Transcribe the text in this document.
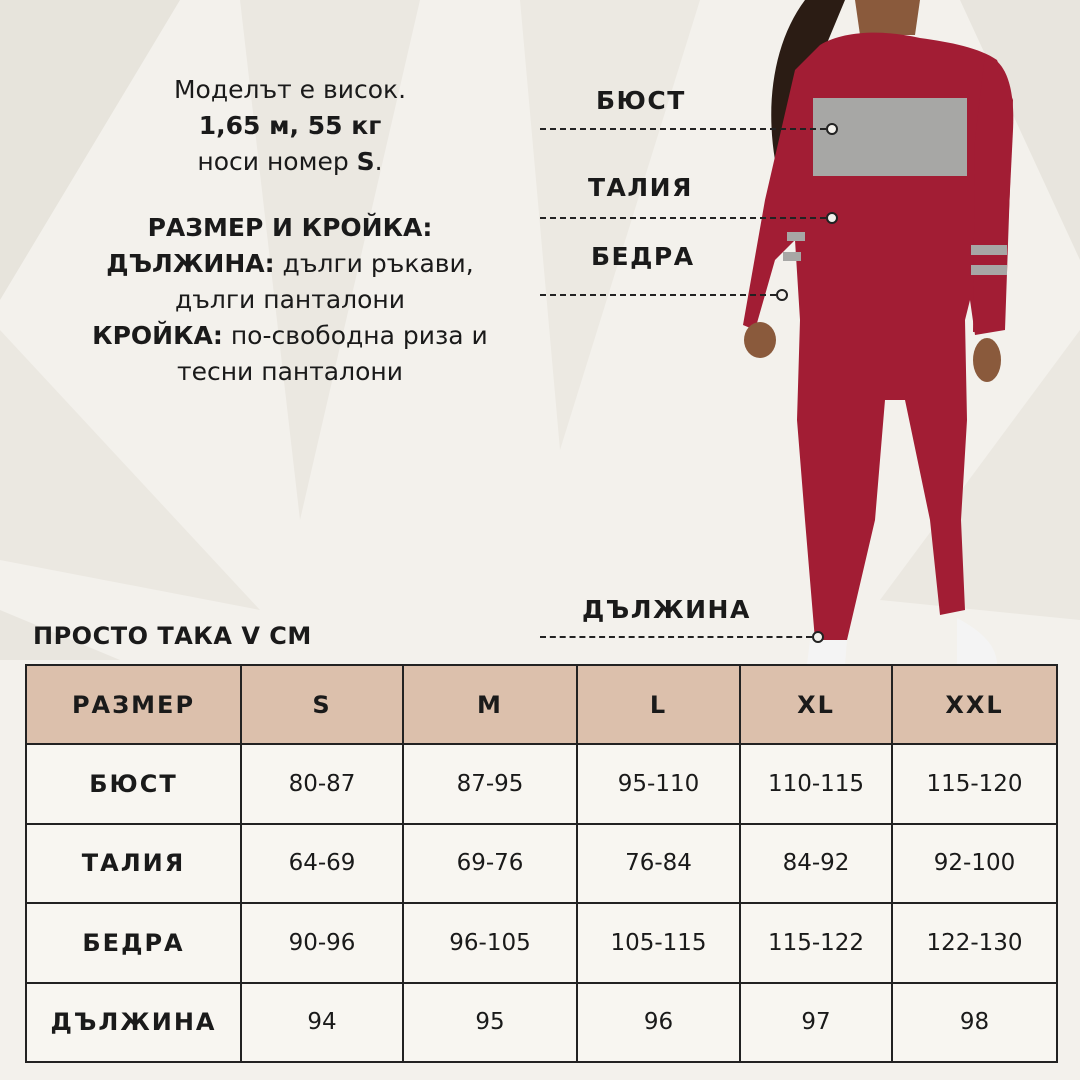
Моделът е висок.

1,65 м, 55 кг

носи номер S.

РАЗМЕР И КРОЙКА:

ДЪЛЖИНА: дълги ръкави,

дълги панталони

КРОЙКА: по-свободна риза и

тесни панталони

БЮСТ
ТАЛИЯ
БЕДРА
ДЪЛЖИНА
ПРОСТО ТАКА V CM
РАЗМЕР	S	M	L	XL	XXL
БЮСТ	80-87	87-95	95-110	110-115	115-120
ТАЛИЯ	64-69	69-76	76-84	84-92	92-100
БЕДРА	90-96	96-105	105-115	115-122	122-130
ДЪЛЖИНА	94	95	96	97	98
